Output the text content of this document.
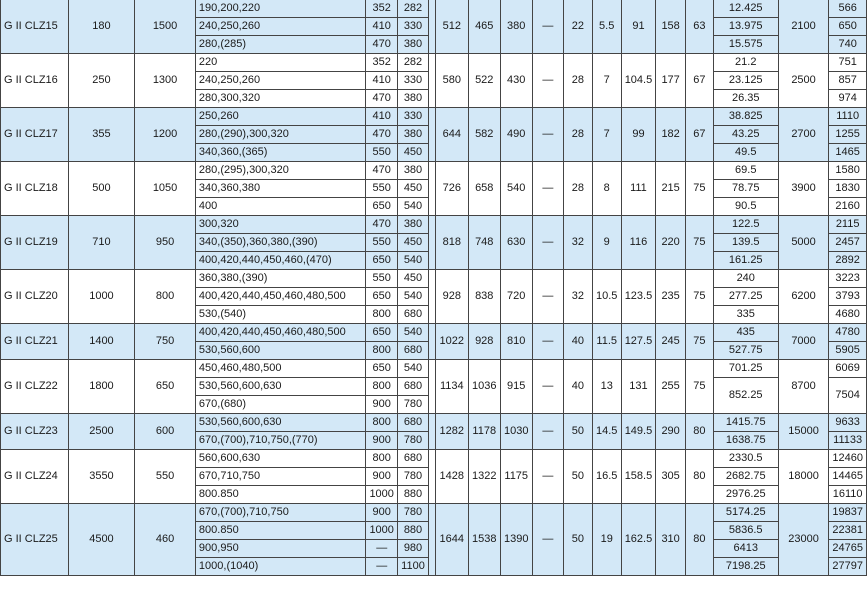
G II CLZ15	180	1500	190,200,220	352	282		512	465	380	—	22	5.5	91	158	63	12.425	2100	566
			240,250,260	410	330											13.975		650
			280,(285)	470	380											15.575		740
G II CLZ16	250	1300	220	352	282		580	522	430	—	28	7	104.5	177	67	21.2	2500	751
			240,250,260	410	330											23.125		857
			280,300,320	470	380											26.35		974
G II CLZ17	355	1200	250,260	410	330		644	582	490	—	28	7	99	182	67	38.825	2700	1110
			280,(290),300,320	470	380											43.25		1255
			340,360,(365)	550	450											49.5		1465
G II CLZ18	500	1050	280,(295),300,320	470	380		726	658	540	—	28	8	111	215	75	69.5	3900	1580
			340,360,380	550	450											78.75		1830
			400	650	540											90.5		2160
G II CLZ19	710	950	300,320	470	380		818	748	630	—	32	9	116	220	75	122.5	5000	2115
			340,(350),360,380,(390)	550	450											139.5		2457
			400,420,440,450,460,(470)	650	540											161.25		2892
G II CLZ20	1000	800	360,380,(390)	550	450		928	838	720	—	32	10.5	123.5	235	75	240	6200	3223
			400,420,440,450,460,480,500	650	540											277.25		3793
			530,(540)	800	680											335		4680
G II CLZ21	1400	750	400,420,440,450,460,480,500	650	540		1022	928	810	—	40	11.5	127.5	245	75	435	7000	4780
			530,560,600	800	680											527.75		5905
G II CLZ22	1800	650	450,460,480,500	650	540		1134	1036	915	—	40	13	131	255	75	701.25	8700	6069
			530,560,600,630	800	680											852.25		7504
			670,(680)	900	780													
G II CLZ23	2500	600	530,560,600,630	800	680		1282	1178	1030	—	50	14.5	149.5	290	80	1415.75	15000	9633
			670,(700),710,750,(770)	900	780											1638.75		11133
G II CLZ24	3550	550	560,600,630	800	680		1428	1322	1175	—	50	16.5	158.5	305	80	2330.5	18000	12460
			670,710,750	900	780											2682.75		14465
			800.850	1000	880											2976.25		16110
G II CLZ25	4500	460	670,(700),710,750	900	780		1644	1538	1390	—	50	19	162.5	310	80	5174.25	23000	19837
			800.850	1000	880											5836.5		22381
			900,950	—	980											6413		24765
			1000,(1040)	—	1100											7198.25		27797
